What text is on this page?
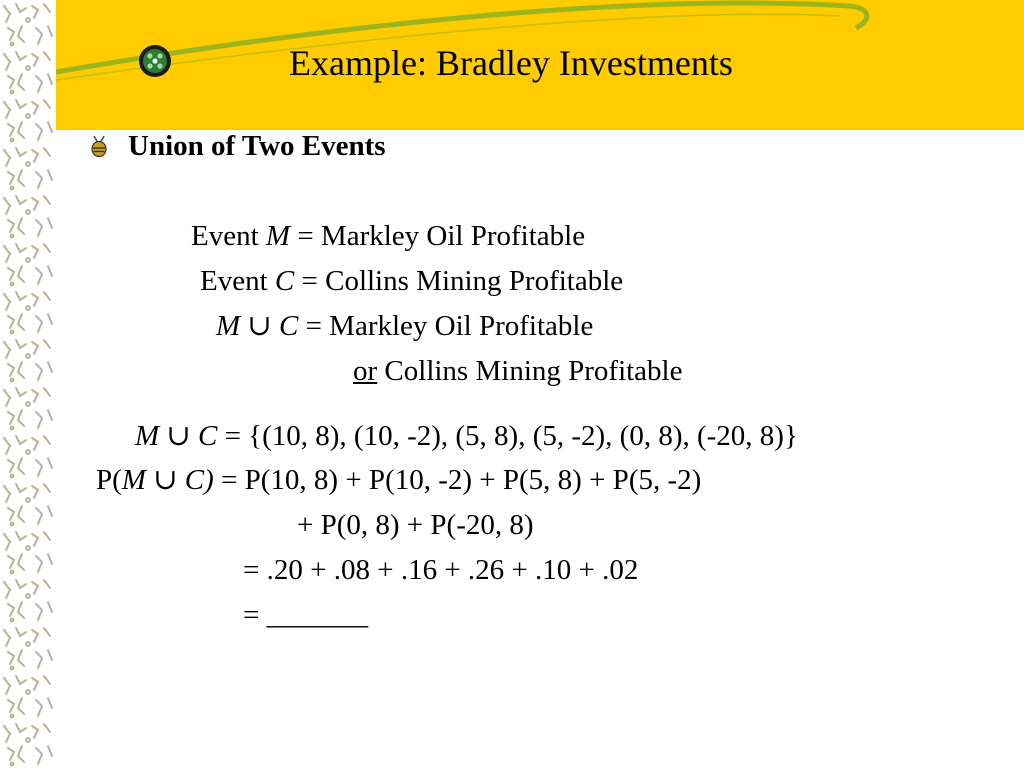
Example: Bradley Investments
Union of Two Events
Event M = Markley Oil Profitable
Event C = Collins Mining Profitable
M ∪ C = Markley Oil Profitable
or Collins Mining Profitable
M ∪ C = {(10, 8), (10, -2), (5, 8), (5, -2), (0, 8), (-20, 8)}
P(M ∪ C) = P(10, 8) + P(10, -2) + P(5, 8) + P(5, -2)
+ P(0, 8) + P(-20, 8)
= .20 + .08 + .16 + .26 + .10 + .02
= _______
